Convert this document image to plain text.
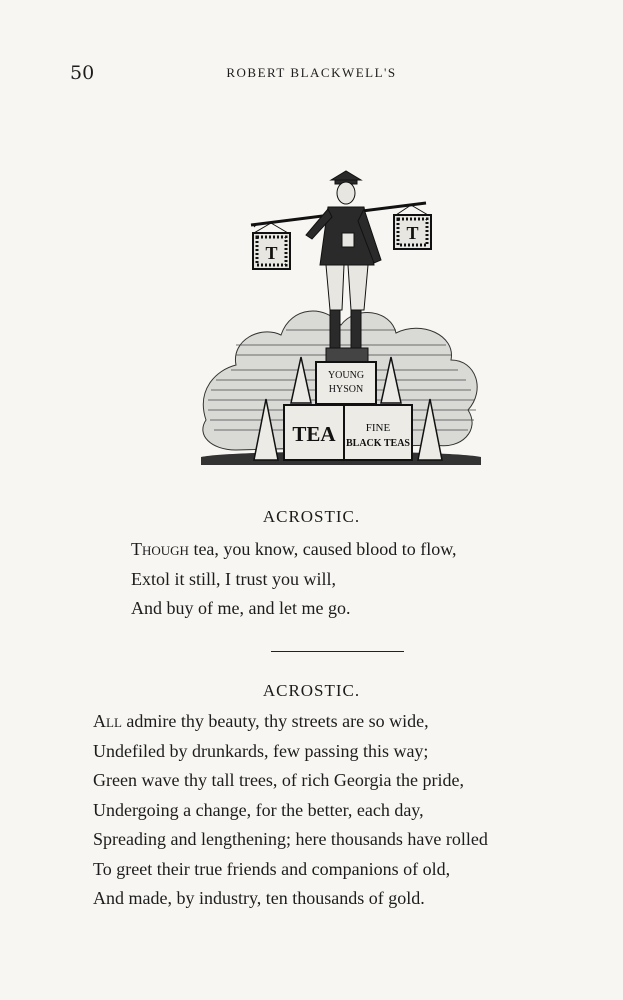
50	ROBERT BLACKWELL'S
T
T
YOUNG
HYSON
TEA	FINE
BLACK TEAS
ACROSTIC.
Though tea, you know, caused blood to flow,
Extol it still, I trust you will,
And buy of me, and let me go.
ACROSTIC.
All admire thy beauty, thy streets are so wide,
Undefiled by drunkards, few passing this way;
Green wave thy tall trees, of rich Georgia the pride,
Undergoing a change, for the better, each day,
Spreading and lengthening; here thousands have rolled
To greet their true friends and companions of old,
And made, by industry, ten thousands of gold.
